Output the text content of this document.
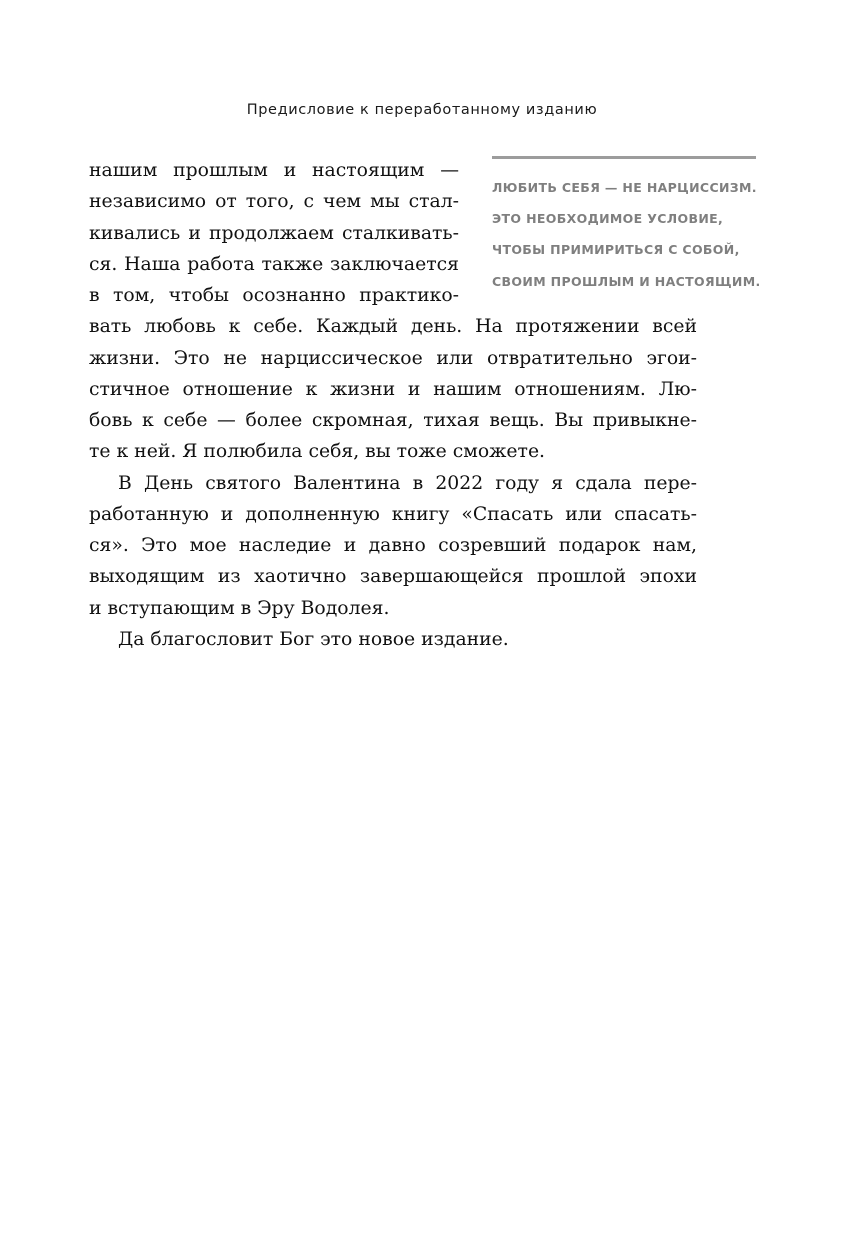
Предисловие к переработанному изданию
ЛЮБИТЬ СЕБЯ — НЕ НАРЦИССИЗМ.
ЭТО НЕОБХОДИМОЕ УСЛОВИЕ,
ЧТОБЫ ПРИМИРИТЬСЯ С СОБОЙ,
СВОИМ ПРОШЛЫМ И НАСТОЯЩИМ.
нашим прошлым и настоящим —
независимо от того, с чем мы стал-
кивались и продолжаем сталкивать-
ся. Наша работа также заключается
в том, чтобы осознанно практико-
вать любовь к себе. Каждый день. На протяжении всей
жизни. Это не нарциссическое или отвратительно эгои-
стичное отношение к жизни и нашим отношениям. Лю-
бовь к себе — более скромная, тихая вещь. Вы привыкне-
те к ней. Я полюбила себя, вы тоже сможете.
В День святого Валентина в 2022 году я сдала пере-
работанную и дополненную книгу «Спасать или спасать-
ся». Это мое наследие и давно созревший подарок нам,
выходящим из хаотично завершающейся прошлой эпохи
и вступающим в Эру Водолея.
Да благословит Бог это новое издание.
